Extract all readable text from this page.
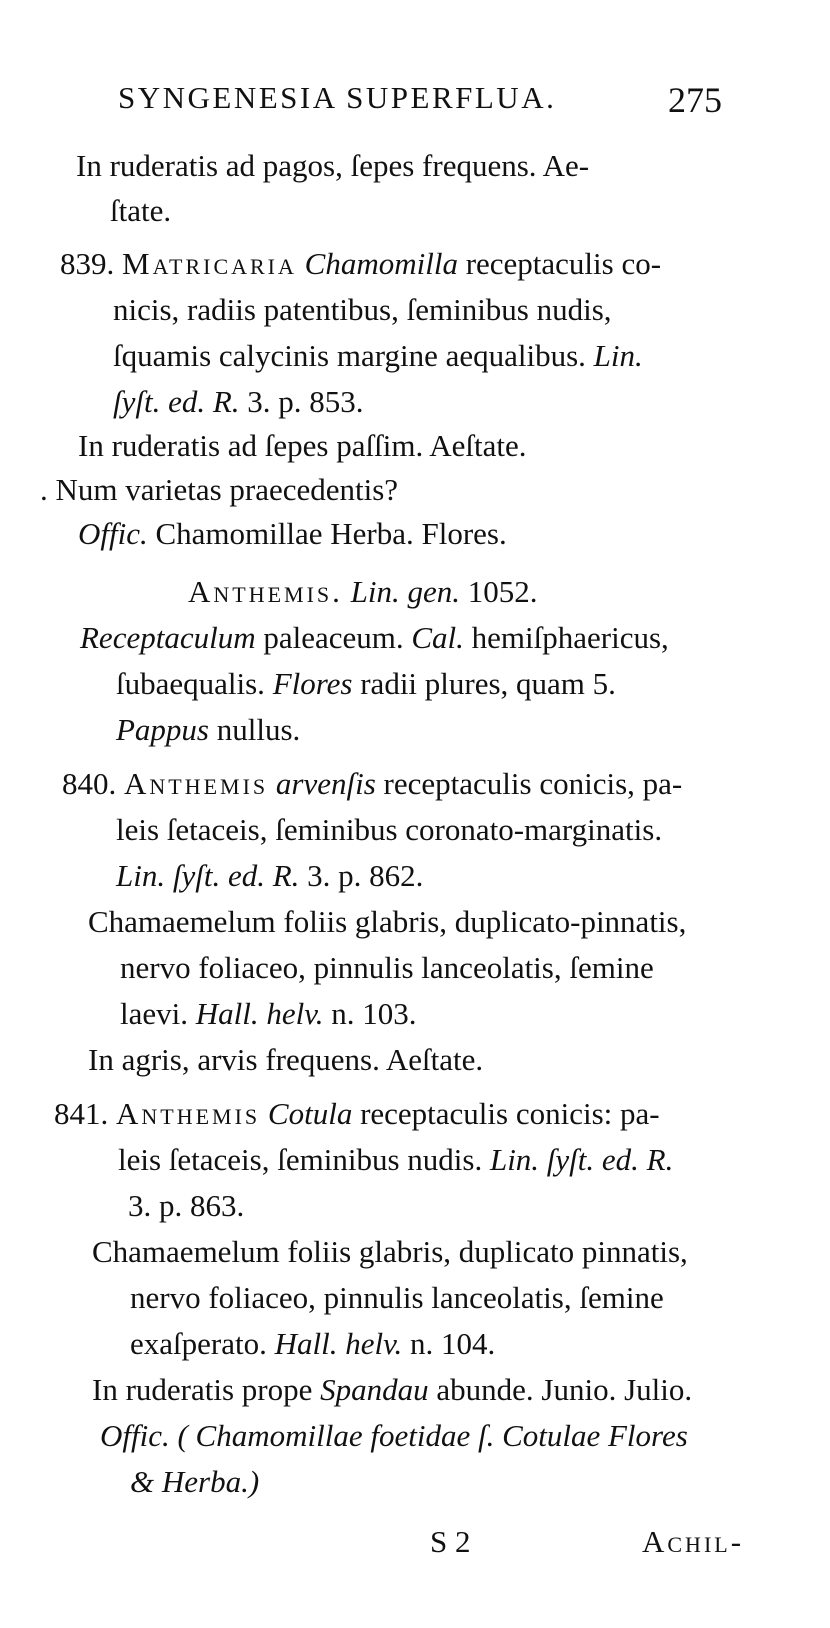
SYNGENESIA SUPERFLUA.	275
In ruderatis ad pagos, ſepes frequens. Ae-
ſtate.
839. Matricaria Chamomilla receptaculis co-
nicis, radiis patentibus, ſeminibus nudis,
ſquamis calycinis margine aequalibus. Lin.
ſyſt. ed. R. 3. p. 853.
In ruderatis ad ſepes paſſim. Aeſtate.
. Num varietas praecedentis?
Offic. Chamomillae Herba. Flores.
Anthemis. Lin. gen. 1052.
Receptaculum paleaceum. Cal. hemiſphaericus,
ſubaequalis. Flores radii plures, quam 5.
Pappus nullus.
840. Anthemis arvenſis receptaculis conicis, pa-
leis ſetaceis, ſeminibus coronato-marginatis.
Lin. ſyſt. ed. R. 3. p. 862.
Chamaemelum foliis glabris, duplicato-pinnatis,
nervo foliaceo, pinnulis lanceolatis, ſemine
laevi. Hall. helv. n. 103.
In agris, arvis frequens. Aeſtate.
841. Anthemis Cotula receptaculis conicis: pa-
leis ſetaceis, ſeminibus nudis. Lin. ſyſt. ed. R.
3. p. 863.
Chamaemelum foliis glabris, duplicato pinnatis,
nervo foliaceo, pinnulis lanceolatis, ſemine
exaſperato. Hall. helv. n. 104.
In ruderatis prope Spandau abunde. Junio. Julio.
Offic. ( Chamomillae foetidae ſ. Cotulae Flores
& Herba.)
S 2	Achil-
